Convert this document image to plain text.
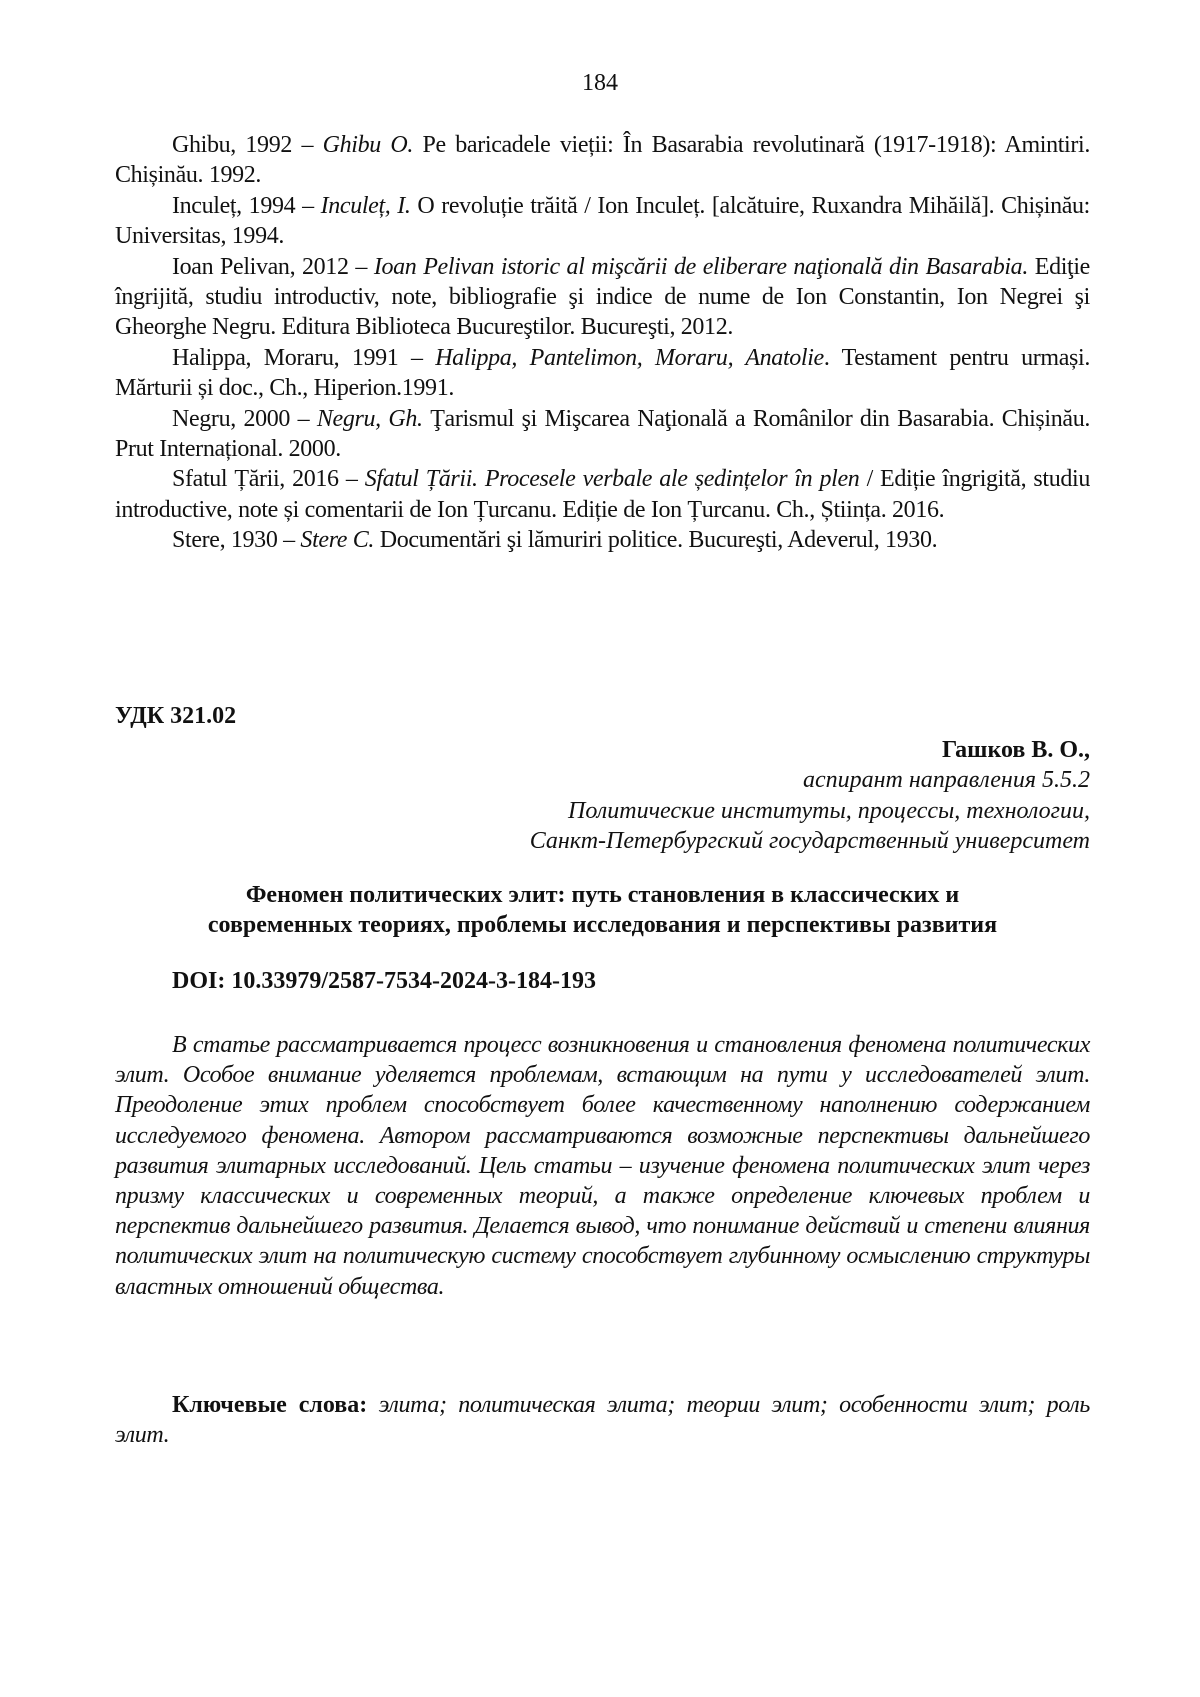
184

Ghibu, 1992 – Ghibu O. Pe baricadele vieții: În Basarabia revolutinară (1917-1918): Amintiri. Chișinău. 1992.

Inculeț, 1994 – Inculeț, I. O revoluție trăită / Ion Inculeț. [alcătuire, Ruxandra Mihăilă]. Chișinău: Universitas, 1994.

Ioan Pelivan, 2012 – Ioan Pelivan istoric al mişcării de eliberare naţională din Basarabia. Ediţie îngrijită, studiu introductiv, note, bibliografie şi indice de nume de Ion Constantin, Ion Negrei şi Gheorghe Negru. Editura Biblioteca Bucureştilor. Bucureşti, 2012.

Halippa, Moraru, 1991 – Halippa, Pantelimon, Moraru, Anatolie. Testament pentru urmași. Mărturii și doc., Ch., Hiperion.1991.

Negru, 2000 – Negru, Gh. Ţarismul şi Mişcarea Naţională a Românilor din Basarabia. Chișinău. Prut Internațional. 2000.

Sfatul Țării, 2016 – Sfatul Țării. Procesele verbale ale ședințelor în plen / Ediție îngrigită, studiu introductive, note și comentarii de Ion Țurcanu. Ediție de Ion Țurcanu. Ch., Știința. 2016.

Stere, 1930 – Stere C. Documentări şi lămuriri politice. Bucureşti, Adeverul, 1930.

УДК 321.02
Гашков В. О.,
аспирант направления 5.5.2
Политические институты, процессы, технологии,
Санкт-Петербургский государственный университет
Феномен политических элит: путь становления в классических и
современных теориях, проблемы исследования и перспективы развития
DOI: 10.33979/2587-7534-2024-3-184-193

В статье рассматривается процесс возникновения и становления феномена политических элит. Особое внимание уделяется проблемам, встающим на пути у исследователей элит. Преодоление этих проблем способствует более качественному наполнению содержанием исследуемого феномена. Автором рассматриваются возможные перспективы дальнейшего развития элитарных исследований. Цель статьи – изучение феномена политических элит через призму классических и современных теорий, а также определение ключевых проблем и перспектив дальнейшего развития. Делается вывод, что понимание действий и степени влияния политических элит на политическую систему способствует глубинному осмыслению структуры властных отношений общества.

Ключевые слова: элита; политическая элита; теории элит; особенности элит; роль элит.
